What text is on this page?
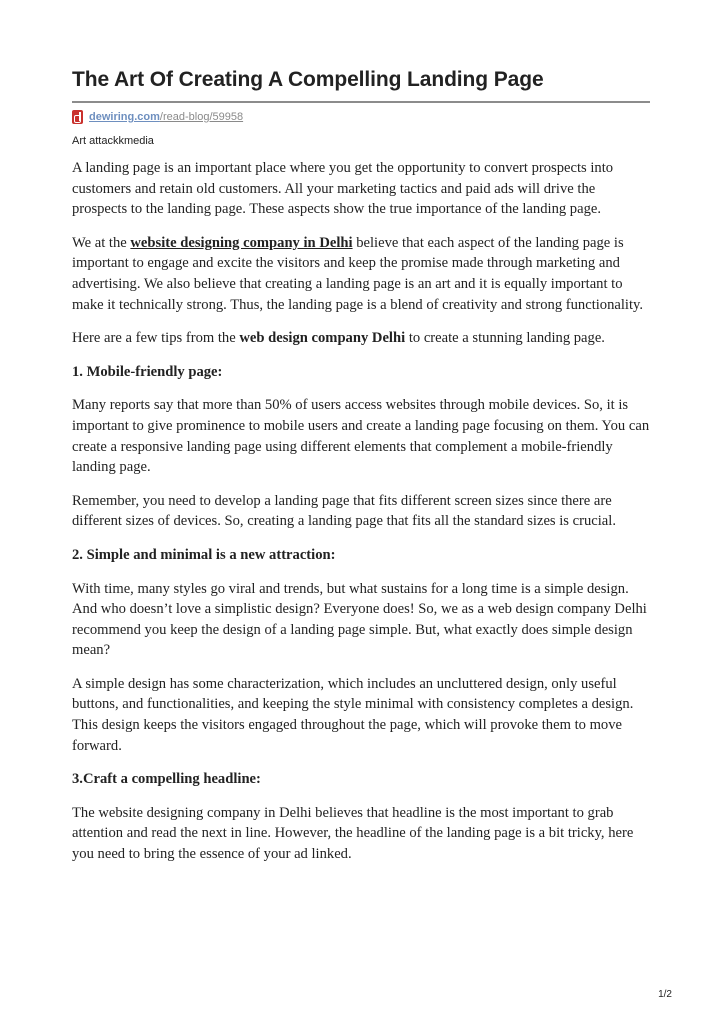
The Art Of Creating A Compelling Landing Page
dewiring.com /read-blog/59958
Art attackkmedia

A landing page is an important place where you get the opportunity to convert prospects into customers and retain old customers. All your marketing tactics and paid ads will drive the prospects to the landing page. These aspects show the true importance of the landing page.

We at the website designing company in Delhi believe that each aspect of the landing page is important to engage and excite the visitors and keep the promise made through marketing and advertising. We also believe that creating a landing page is an art and it is equally important to make it technically strong. Thus, the landing page is a blend of creativity and strong functionality.

Here are a few tips from the web design company Delhi to create a stunning landing page.

1. Mobile-friendly page:

Many reports say that more than 50% of users access websites through mobile devices. So, it is important to give prominence to mobile users and create a landing page focusing on them. You can create a responsive landing page using different elements that complement a mobile-friendly landing page.

Remember, you need to develop a landing page that fits different screen sizes since there are different sizes of devices. So, creating a landing page that fits all the standard sizes is crucial.

2. Simple and minimal is a new attraction:

With time, many styles go viral and trends, but what sustains for a long time is a simple design. And who doesn’t love a simplistic design? Everyone does! So, we as a web design company Delhi recommend you keep the design of a landing page simple. But, what exactly does simple design mean?

A simple design has some characterization, which includes an uncluttered design, only useful buttons, and functionalities, and keeping the style minimal with consistency completes a design. This design keeps the visitors engaged throughout the page, which will provoke them to move forward.

3.Craft a compelling headline:

The website designing company in Delhi believes that headline is the most important to grab attention and read the next in line. However, the headline of the landing page is a bit tricky, here you need to bring the essence of your ad linked.

1/2
